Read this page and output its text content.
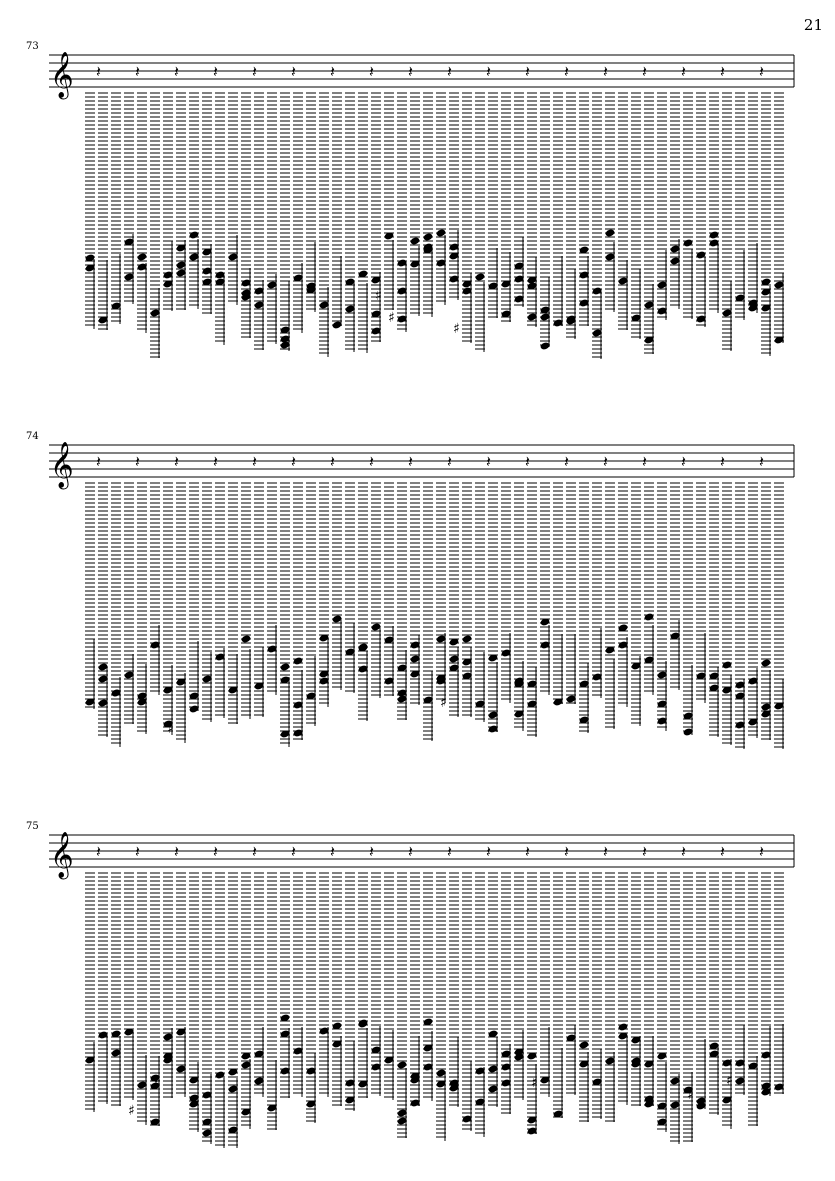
21
73
𝄞 𝄽 𝄽 𝄽 𝄽 𝄽 𝄽 𝄽 𝄽
♯
♯
𝄽 𝄽
♯
𝄽 𝄽 𝄽 𝄽 𝄽 𝄽 𝄽 𝄽
74
𝄞 𝄽 𝄽 𝄽
♯
𝄽 𝄽 𝄽 𝄽 𝄽 𝄽 𝄽
♯
𝄽 𝄽 𝄽 𝄽 𝄽 𝄽 𝄽 𝄽
75
𝄞 𝄽 𝄽
♯
♯
𝄽 𝄽 𝄽 𝄽 𝄽 𝄽 𝄽 𝄽 𝄽 𝄽
♯
𝄽 𝄽 𝄽 𝄽
♯
𝄽
♯
𝄽
